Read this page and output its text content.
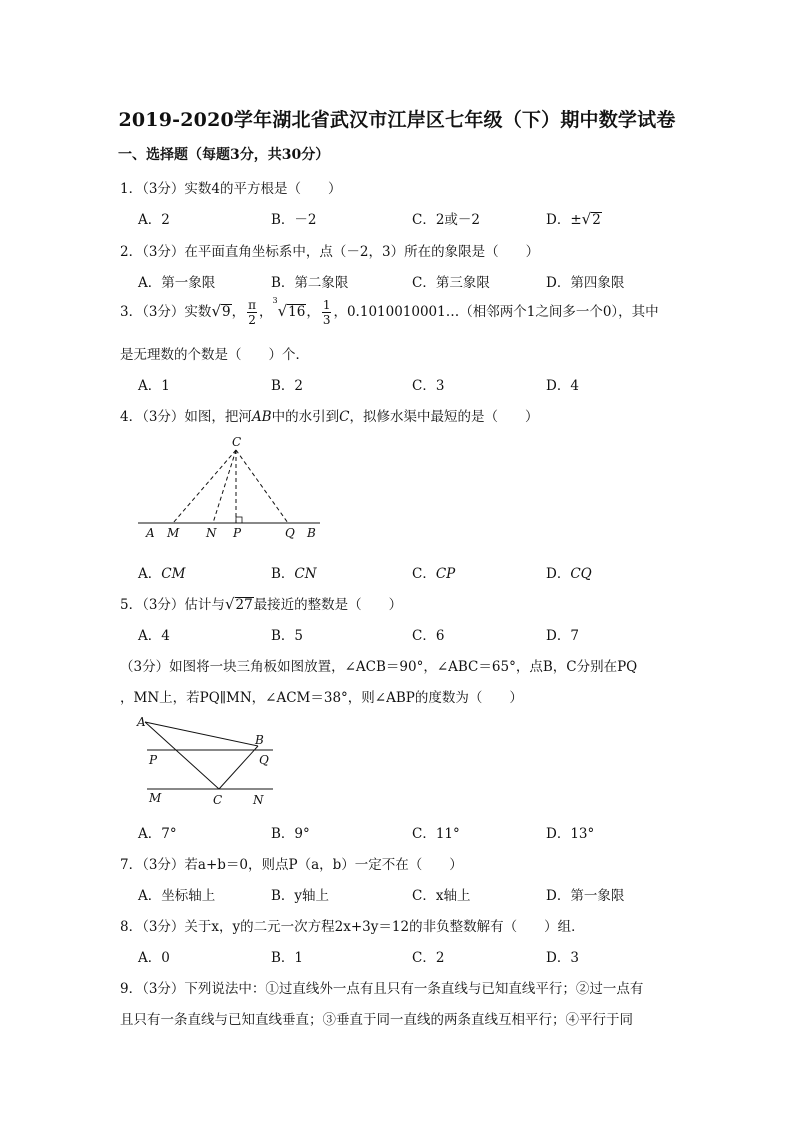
2019-2020学年湖北省武汉市江岸区七年级（下）期中数学试卷
一、选择题（每题3分，共30分）
1．（3分）实数4的平方根是（　　）
A．2	B．－2	C．2或－2	D．±√2
2．（3分）在平面直角坐标系中，点（－2，3）所在的象限是（　　）
A．第一象限	B．第二象限	C．第三象限	D．第四象限
3．（3分）实数√9， $\frac{\pi}{2}$ ，$^3$√16， $\frac{1}{3}$ ，0.1010010001…（相邻两个1之间多一个0），其中
是无理数的个数是（　　）个．
A．1	B．2	C．3	D．4
4．（3分）如图，把河AB中的水引到C，拟修水渠中最短的是（　　）
C
A M N P	Q B
A．CM	B．CN	C．CP	D．CQ
5．（3分）估计与√27最接近的整数是（　　）
A．4	B．5	C．6	D．7
（3分）如图将一块三角板如图放置，∠ACB＝90°，∠ABC＝65°，点B，C分别在PQ
，MN上，若PQ∥MN，∠ACM＝38°，则∠ABP的度数为（　　）
A
B
P	Q
M	C	N
A．7°	B．9°	C．11°	D．13°
7．（3分）若a+b＝0，则点P（a，b）一定不在（　　）
A．坐标轴上	B．y轴上	C．x轴上	D．第一象限
8．（3分）关于x，y的二元一次方程2x+3y＝12的非负整数解有（　　）组．
A．0	B．1	C．2	D．3
9．（3分）下列说法中：①过直线外一点有且只有一条直线与已知直线平行；②过一点有
且只有一条直线与已知直线垂直；③垂直于同一直线的两条直线互相平行；④平行于同
